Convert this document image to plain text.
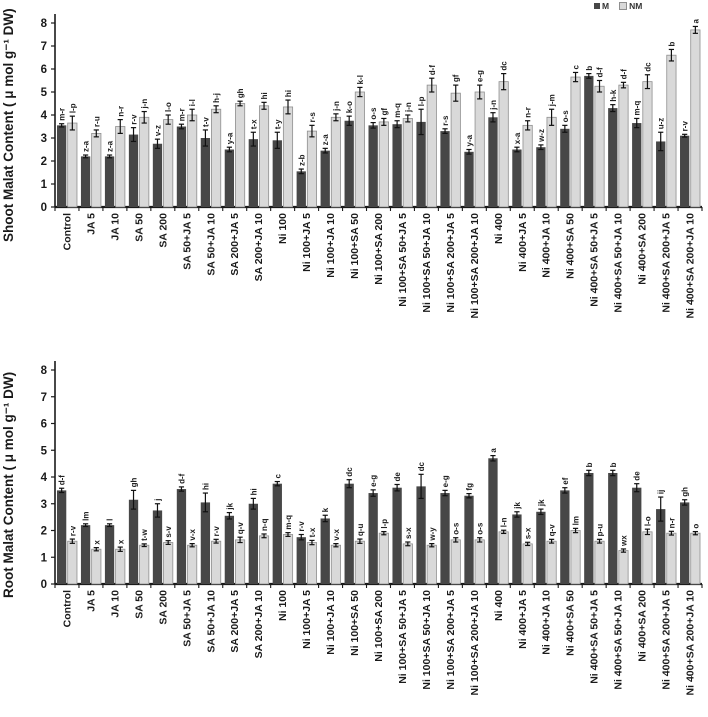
Shoot Malat Content ( μ mol g⁻¹ DW)
Root Malat Content ( μ mol g⁻¹ DW)
M NM
0
1
2
3
4
5
6
7
8
Control JA 5 JA 10 SA 50 SA 200 SA 50+JA 5 SA 50+JA 10 SA 200+JA 5 SA 200+JA 10 Ni 100 Ni 100+JA 5 Ni 100+JA 10 Ni 100+SA 50 Ni 100+SA 200 Ni 100+SA 50+JA 5 Ni 100+SA 50+JA 10 Ni 100+SA 200+JA 5 Ni 100+SA 200+JA 10 Ni 400 Ni 400+JA 5 Ni 400+JA 10 Ni 400+SA 50 Ni 400+SA 50+JA 5 Ni 400+SA 50+JA 10 Ni 400+SA 200 Ni 400+SA 200+JA 5 Ni 400+SA 200+JA 10
m-r l-p
z-a
r-u
z-a
n-r
r-v
j-n
v-z
l-o
m-r
i-l
t-v
h-j
y-a
gh
t-x
hi
t-y
hi
z-b
r-s
z-a
j-n k-o
k-l
o-s gf m-q j-n
l-p
d-f
r-s
gf
y-a
e-g
j-n
dc
x-a
n-r
w-z
j-m
o-s
c b d-f
h-k
d-f
m-q
dc
u-z
b
r-v
a
0
1
2
3
4
5
6
7
8
Control JA 5 JA 10 SA 50 SA 200 SA 50+JA 5 SA 50+JA 10 SA 200+JA 5 SA 200+JA 10 Ni 100 Ni 100+JA 5 Ni 100+JA 10 Ni 100+SA 50 Ni 100+SA 200 Ni 100+SA 50+JA 5 Ni 100+SA 50+JA 10 Ni 100+SA 200+JA 5 Ni 100+SA 200+JA 10 Ni 400 Ni 400+JA 5 Ni 400+JA 10 Ni 400+SA 50 Ni 400+SA 50+JA 5 Ni 400+SA 50+JA 10 Ni 400+SA 200 Ni 400+SA 200+JA 5 Ni 400+SA 200+JA 10
d-f
r-v
lm
x
l
x
gh
t-w
j
s-v
d-f
v-x
hi
r-v
jk
q-v
hi
n-q
c
m-q r-v
t-x
k
v-x
dc
q-u
e-g
l-p
de
s-x
dc
w-y
e-g
o-s
fg
o-s
a
l-n
jk
s-x
jk
q-v
ef
lm
b
p-u
b
wx
de
l-o
ij
n-r
gh
o
